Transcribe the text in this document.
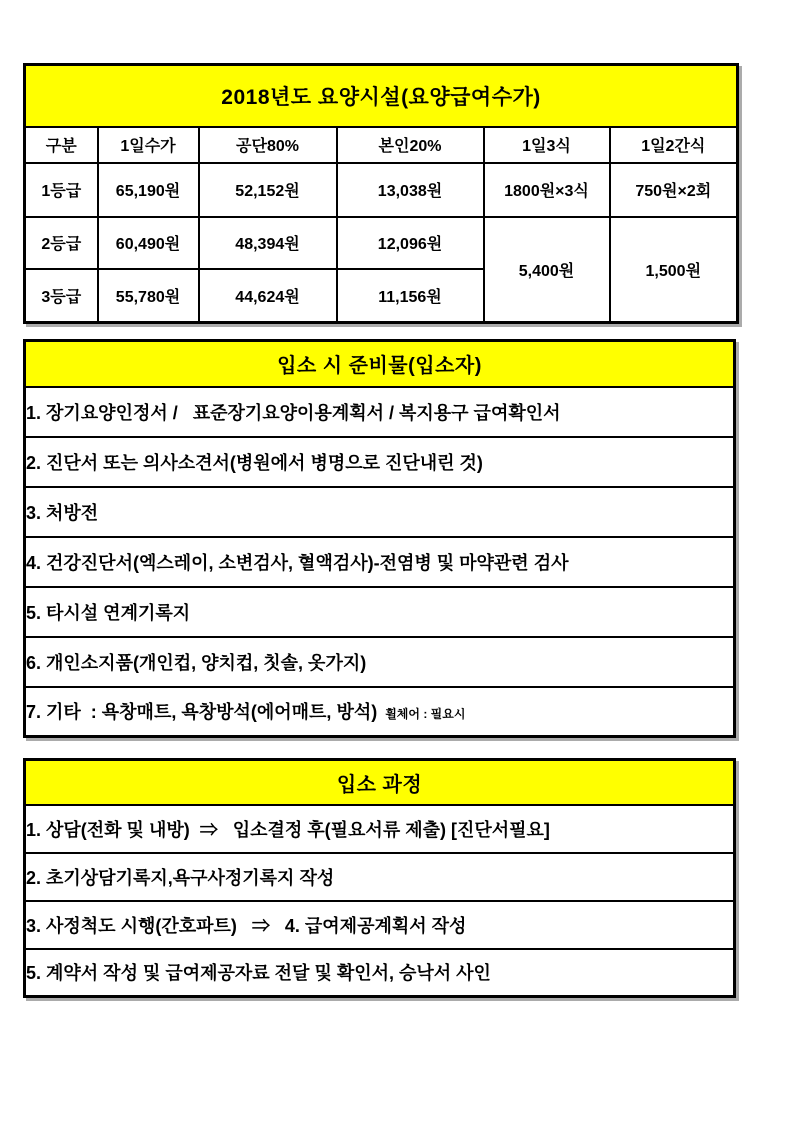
2018년도 요양시설(요양급여수가)					
구분	1일수가	공단80%	본인20%	1일3식	1일2간식
1등급	65,190원	52,152원	13,038원	1800원×3식	750원×2회
2등급	60,490원	48,394원	12,096원	5,400원	1,500원
3등급	55,780원	44,624원	11,156원		
입소 시 준비물(입소자)
1. 장기요양인정서 /   표준장기요양이용계획서 / 복지용구 급여확인서
2. 진단서 또는 의사소견서(병원에서 병명으로 진단내린 것)
3. 처방전
4. 건강진단서(엑스레이, 소변검사, 혈액검사)-전염병 및 마약관련 검사
5. 타시설 연계기록지
6. 개인소지품(개인컵, 양치컵, 칫솔, 옷가지)
7. 기타  : 욕창매트, 욕창방석(에어매트, 방석) 휠체어 : 필요시
입소 과정
1. 상담(전화 및 내방)  ⇒   입소결정 후(필요서류 제출) [진단서필요]
2. 초기상담기록지,욕구사정기록지 작성
3. 사정척도 시행(간호파트)   ⇒   4. 급여제공계획서 작성
5. 계약서 작성 및 급여제공자료 전달 및 확인서, 승낙서 사인
